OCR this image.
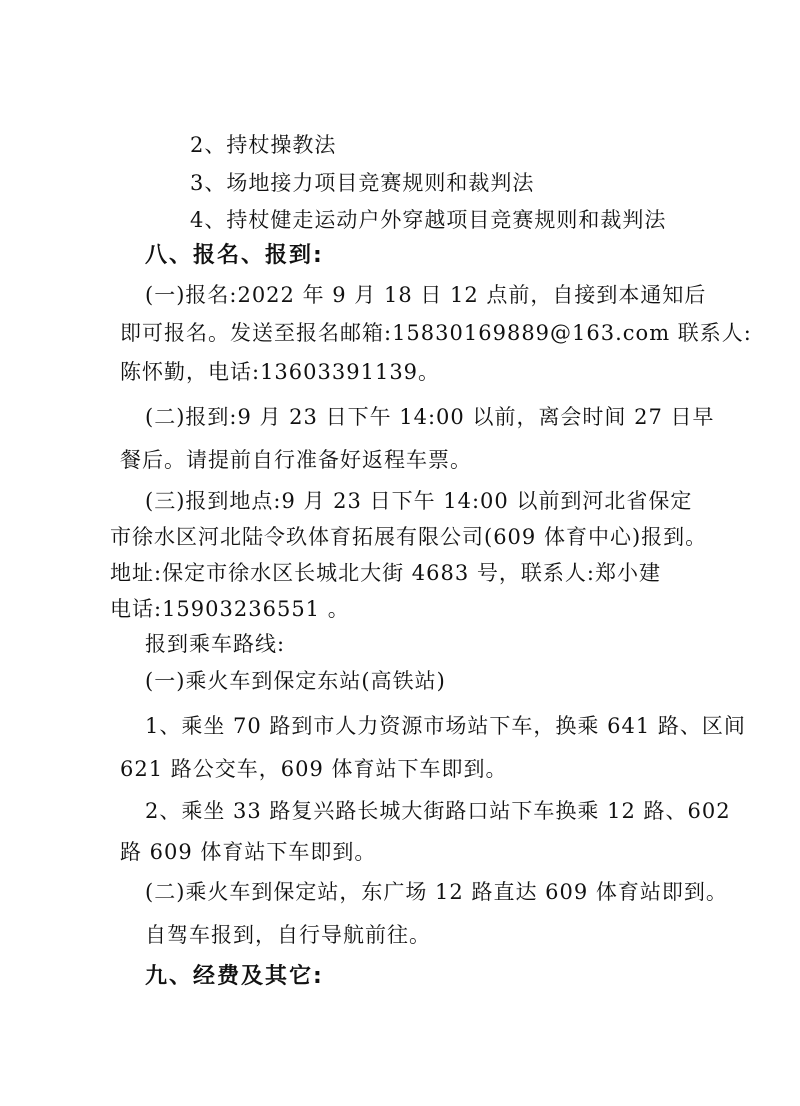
2、持杖操教法
3、场地接力项目竞赛规则和裁判法
4、持杖健走运动户外穿越项目竞赛规则和裁判法
八、报名、报到:
(一)报名:2022 年 9 月 18 日 12 点前，自接到本通知后
即可报名。发送至报名邮箱:15830169889@163.com 联系人:
陈怀勤，电话:13603391139。
(二)报到:9 月 23 日下午 14:00 以前，离会时间 27 日早
餐后。请提前自行准备好返程车票。
(三)报到地点:9 月 23 日下午 14:00 以前到河北省保定
市徐水区河北陆令玖体育拓展有限公司(609 体育中心)报到。
地址:保定市徐水区长城北大街 4683 号，联系人:郑小建
电话:15903236551 。
报到乘车路线:
(一)乘火车到保定东站(高铁站)
1、乘坐 70 路到市人力资源市场站下车，换乘 641 路、区间
621 路公交车，609 体育站下车即到。
2、乘坐 33 路复兴路长城大街路口站下车换乘 12 路、602
路 609 体育站下车即到。
(二)乘火车到保定站，东广场 12 路直达 609 体育站即到。
自驾车报到，自行导航前往。
九、经费及其它:
